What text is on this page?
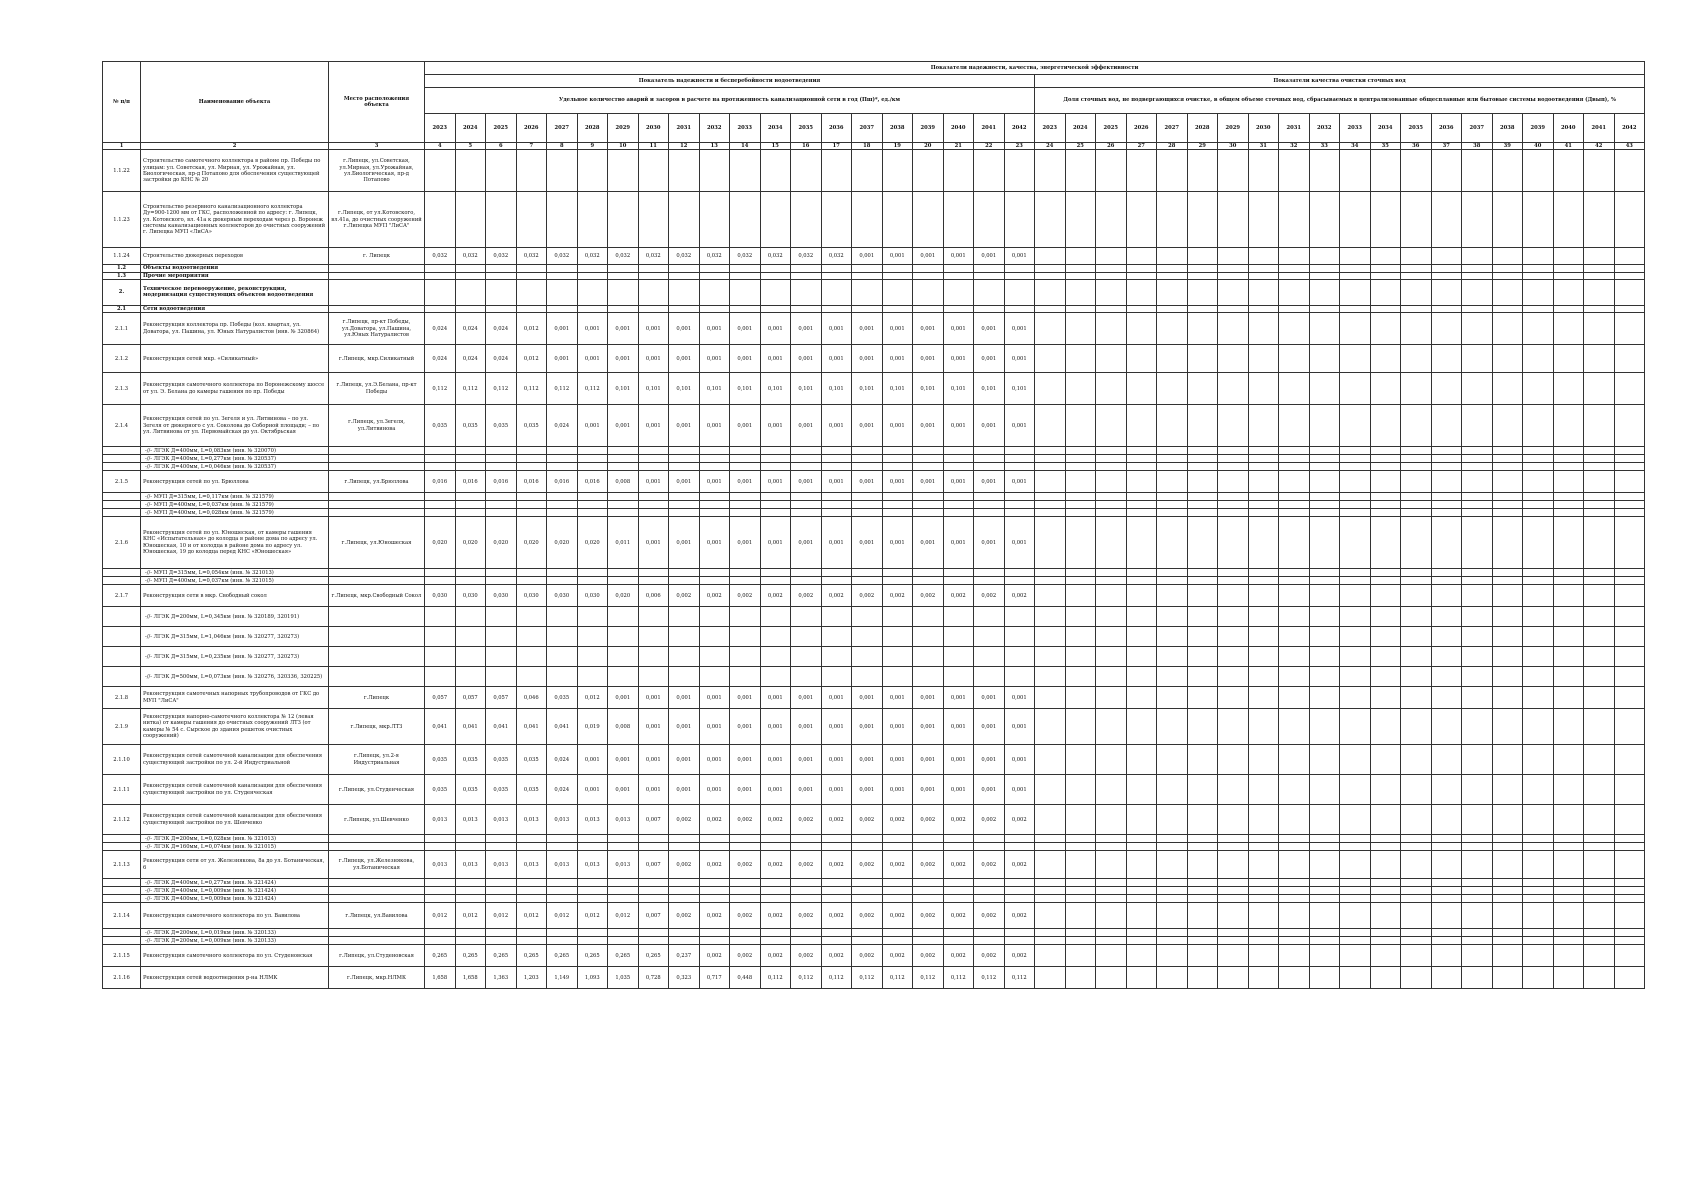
№ п/п	Наименование объекта	Место расположения объекта	Показатели надежности, качества, энергетической эффективности																																							
			Показатель надежности и бесперебойности водоотведения																				Показатели качества очистки сточных вод																			
			Удельное количество аварий и засоров в расчете на протяженность канализационной сети в год (Пш)*, ед./км																				Доля сточных вод, не подвергающихся очистке, в общем объеме сточных вод, сбрасываемых в централизованные общесплавные или бытовые системы водоотведения (Двып), %																			
			2023	2024	2025	2026	2027	2028	2029	2030	2031	2032	2033	2034	2035	2036	2037	2038	2039	2040	2041	2042	2023	2024	2025	2026	2027	2028	2029	2030	2031	2032	2033	2034	2035	2036	2037	2038	2039	2040	2041	2042
1	2	3	4	5	6	7	8	9	10	11	12	13	14	15	16	17	18	19	20	21	22	23	24	25	26	27	28	29	30	31	32	33	34	35	36	37	38	39	40	41	42	43
1.1.22	Строительство самотечного коллектора в районе пр. Победы по улицам: ул. Советская, ул. Мирная, ул. Урожайная, ул. Биологическая, пр-д Потапово для обеспечения существующей застройки до КНС № 20	г.Липецк, ул.Советская, ул.Мирная, ул.Урожайная, ул.Биологическая, пр-д Потапово																																								
1.1.23	Строительство резервного канализационного коллектора Ду=900-1200 мм от ГКС, расположенной по адресу: г. Липецк, ул. Котовского, вл. 41а к дюкерным переходам через р. Воронеж системы канализационных коллекторов до очистных сооружений г. Липецка МУП «ЛиСА»	г.Липецк, от ул.Котовского, вл.41а, до очистных сооружений г.Липецка МУП "ЛиСА"																																								
1.1.24	Строительство дюкерных переходов	г. Липецк	0,032	0,032	0,032	0,032	0,032	0,032	0,032	0,032	0,032	0,032	0,032	0,032	0,032	0,032	0,001	0,001	0,001	0,001	0,001	0,001																				
1.2	Объекты водоотведения																																									
1.3	Прочие мероприятия																																									
2.	Техническое перевооружение, реконструкция, модернизация существующих объектов водоотведения																																									
2.1	Сети водоотведения																																									
2.1.1	Реконструкция коллектора пр. Победы (кол. квартал, ул. Доватора, ул. Пашина, ул. Юных Натуралистов (инв. № 320864)	г.Липецк, пр-кт Победы, ул.Доватора, ул.Пашина, ул.Юных Натуралистов	0,024	0,024	0,024	0,012	0,001	0,001	0,001	0,001	0,001	0,001	0,001	0,001	0,001	0,001	0,001	0,001	0,001	0,001	0,001	0,001																				
2.1.2	Реконструкция сетей мкр. «Силикатный»	г.Липецк, мкр.Силикатный	0,024	0,024	0,024	0,012	0,001	0,001	0,001	0,001	0,001	0,001	0,001	0,001	0,001	0,001	0,001	0,001	0,001	0,001	0,001	0,001																				
2.1.3	Реконструкция самотечного коллектора по Воронежскому шоссе от ул. Э. Белана до камеры гашения по пр. Победы	г.Липецк, ул.Э.Белана, пр-кт Победы	0,112	0,112	0,112	0,112	0,112	0,112	0,101	0,101	0,101	0,101	0,101	0,101	0,101	0,101	0,101	0,101	0,101	0,101	0,101	0,101																				
2.1.4	Реконструкция сетей по ул. Зегеля и ул. Литвинова – по ул. Зегеля от дюкерного с ул. Соколова до Соборной площади; – по ул. Литвинова от ул. Первомайская до ул. Октябрьская	г.Липецк, ул.Зегеля, ул.Литвинова	0,035	0,035	0,035	0,035	0,024	0,001	0,001	0,001	0,001	0,001	0,001	0,001	0,001	0,001	0,001	0,001	0,001	0,001	0,001	0,001																				
	-//- ЛГЭК Д=400мм, L=0,083км (инв. № 320070)																																									
	-//- ЛГЭК Д=400мм, L=0,277км (инв. № 320537)																																									
	-//- ЛГЭК Д=400мм, L=0,046км (инв. № 320537)																																									
2.1.5	Реконструкция сетей по ул. Брюллова	г.Липецк, ул.Брюллова	0,016	0,016	0,016	0,016	0,016	0,016	0,008	0,001	0,001	0,001	0,001	0,001	0,001	0,001	0,001	0,001	0,001	0,001	0,001	0,001																				
	-//- МУП Д=315мм, L=0,117км (инв. № 321579)																																									
	-//- МУП Д=400мм, L=0,037км (инв. № 321579)																																									
	-//- МУП Д=400мм, L=0,028км (инв. № 321579)																																									
2.1.6	Реконструкция сетей по ул. Юношеская, от камеры гашения КНС «Испытательная» до колодца в районе дома по адресу ул. Юношеская, 10 и от колодца в районе дома по адресу ул. Юношеская, 19 до колодца перед КНС «Юношеская»	г.Липецк, ул.Юношеская	0,020	0,020	0,020	0,020	0,020	0,020	0,011	0,001	0,001	0,001	0,001	0,001	0,001	0,001	0,001	0,001	0,001	0,001	0,001	0,001																				
	-//- МУП Д=315мм, L=0,054км (инв. № 321013)																																									
	-//- МУП Д=400мм, L=0,037км (инв. № 321015)																																									
2.1.7	Реконструкция сети в мкр. Свободный сокол	г.Липецк, мкр.Свободный Сокол	0,030	0,030	0,030	0,030	0,030	0,030	0,020	0,006	0,002	0,002	0,002	0,002	0,002	0,002	0,002	0,002	0,002	0,002	0,002	0,002																				
	-//- ЛГЭК Д=200мм, L=0,345км (инв. № 320189, 320191)																																									
	-//- ЛГЭК Д=315мм, L=1,046км (инв. № 320277, 320273)																																									
	-//- ЛГЭК Д=315мм, L=0,235км (инв. № 320277, 320273)																																									
	-//- ЛГЭК Д=500мм, L=0,073км (инв. № 320276, 320336, 320225)																																									
2.1.8	Реконструкция самотечных напорных трубопроводов от ГКС до МУП "ЛиСА"	г.Липецк	0,057	0,057	0,057	0,046	0,035	0,012	0,001	0,001	0,001	0,001	0,001	0,001	0,001	0,001	0,001	0,001	0,001	0,001	0,001	0,001																				
2.1.9	Реконструкция напорно-самотечного коллектора № 12 (левая нитка) от камеры гашения до очистных сооружений ЛТЗ (от камеры № 54 с. Сырское до здания решеток очистных сооружений)	г.Липецк, мкр.ЛТЗ	0,041	0,041	0,041	0,041	0,041	0,019	0,008	0,001	0,001	0,001	0,001	0,001	0,001	0,001	0,001	0,001	0,001	0,001	0,001	0,001																				
2.1.10	Реконструкция сетей самотечной канализации для обеспечения существующей застройки по ул. 2-й Индустриальной	г.Липецк, ул.2-я Индустриальная	0,035	0,035	0,035	0,035	0,024	0,001	0,001	0,001	0,001	0,001	0,001	0,001	0,001	0,001	0,001	0,001	0,001	0,001	0,001	0,001																				
2.1.11	Реконструкция сетей самотечной канализации для обеспечения существующей застройки по ул. Студенческая	г.Липецк, ул.Студенческая	0,035	0,035	0,035	0,035	0,024	0,001	0,001	0,001	0,001	0,001	0,001	0,001	0,001	0,001	0,001	0,001	0,001	0,001	0,001	0,001																				
2.1.12	Реконструкция сетей самотечной канализации для обеспечения существующей застройки по ул. Шевченко	г.Липецк, ул.Шевченко	0,013	0,013	0,013	0,013	0,013	0,013	0,013	0,007	0,002	0,002	0,002	0,002	0,002	0,002	0,002	0,002	0,002	0,002	0,002	0,002																				
	-//- ЛГЭК Д=200мм, L=0,028км (инв. № 321013)																																									
	-//- ЛГЭК Д=160мм, L=0,074км (инв. № 321015)																																									
2.1.13	Реконструкция сети от ул. Железнякова, 8а до ул. Ботаническая, 6	г.Липецк, ул.Железнякова, ул.Ботаническая	0,013	0,013	0,013	0,013	0,013	0,013	0,013	0,007	0,002	0,002	0,002	0,002	0,002	0,002	0,002	0,002	0,002	0,002	0,002	0,002																				
	-//- ЛГЭК Д=400мм, L=0,277км (инв. № 321424)																																									
	-//- ЛГЭК Д=400мм, L=0,009км (инв. № 321424)																																									
	-//- ЛГЭК Д=400мм, L=0,009км (инв. № 321424)																																									
2.1.14	Реконструкция самотечного коллектора по ул. Вавилова	г.Липецк, ул.Вавилова	0,012	0,012	0,012	0,012	0,012	0,012	0,012	0,007	0,002	0,002	0,002	0,002	0,002	0,002	0,002	0,002	0,002	0,002	0,002	0,002																				
	-//- ЛГЭК Д=200мм, L=0,019км (инв. № 320133)																																									
	-//- ЛГЭК Д=200мм, L=0,009км (инв. № 320133)																																									
2.1.15	Реконструкция самотечного коллектора по ул. Студеновская	г.Липецк, ул.Студеновская	0,265	0,265	0,265	0,265	0,265	0,265	0,265	0,265	0,237	0,002	0,002	0,002	0,002	0,002	0,002	0,002	0,002	0,002	0,002	0,002																				
2.1.16	Реконструкция сетей водоотведения р-на НЛМК	г.Липецк, мкр.НЛМК	1,658	1,658	1,363	1,203	1,149	1,093	1,035	0,728	0,323	0,717	0,448	0,112	0,112	0,112	0,112	0,112	0,112	0,112	0,112	0,112																				
